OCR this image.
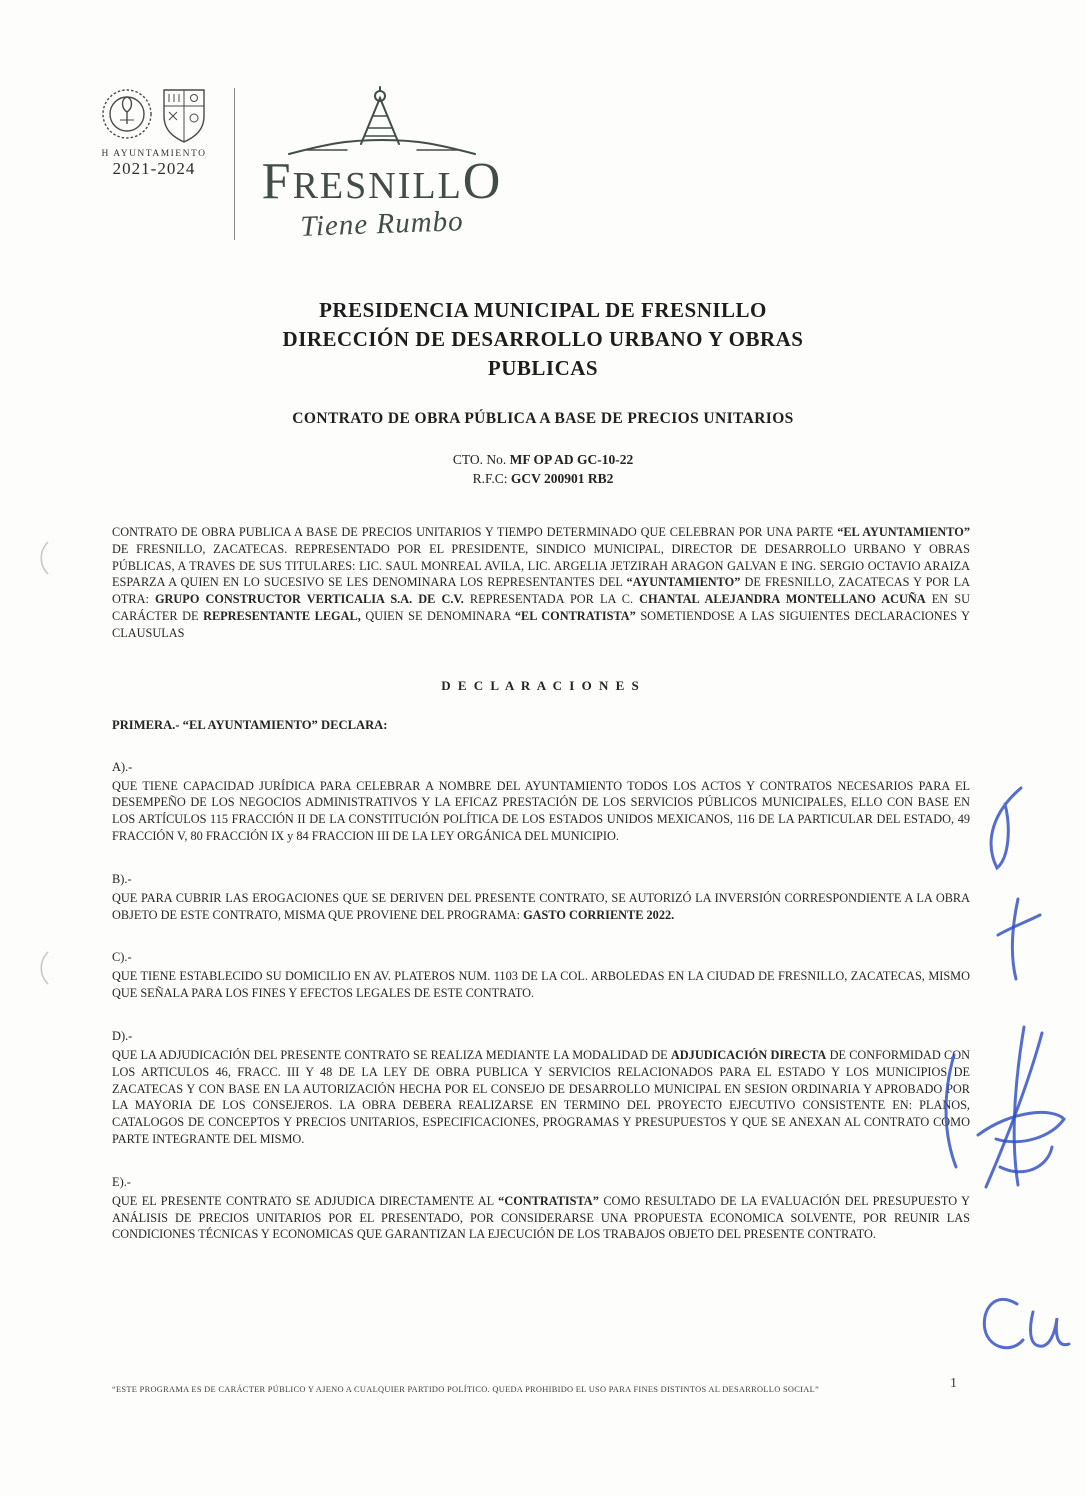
H AYUNTAMIENTO
2021-2024	FRESNILLO
Tiene Rumbo
PRESIDENCIA MUNICIPAL DE FRESNILLO
DIRECCIÓN DE DESARROLLO URBANO Y OBRAS
PUBLICAS
CONTRATO DE OBRA PÚBLICA A BASE DE PRECIOS UNITARIOS
CTO. No. MF OP AD GC-10-22
R.F.C: GCV 200901 RB2

CONTRATO DE OBRA PUBLICA A BASE DE PRECIOS UNITARIOS Y TIEMPO DETERMINADO QUE CELEBRAN POR UNA PARTE “EL AYUNTAMIENTO” DE FRESNILLO, ZACATECAS. REPRESENTADO POR EL PRESIDENTE, SINDICO MUNICIPAL, DIRECTOR DE DESARROLLO URBANO Y OBRAS PÚBLICAS, A TRAVES DE SUS TITULARES: LIC. SAUL MONREAL AVILA, LIC. ARGELIA JETZIRAH ARAGON GALVAN E ING. SERGIO OCTAVIO ARAIZA ESPARZA A QUIEN EN LO SUCESIVO SE LES DENOMINARA LOS REPRESENTANTES DEL “AYUNTAMIENTO” DE FRESNILLO, ZACATECAS Y POR LA OTRA: GRUPO CONSTRUCTOR VERTICALIA S.A. DE C.V. REPRESENTADA POR LA C. CHANTAL ALEJANDRA MONTELLANO ACUÑA EN SU CARÁCTER DE REPRESENTANTE LEGAL, QUIEN SE DENOMINARA “EL CONTRATISTA” SOMETIENDOSE A LAS SIGUIENTES DECLARACIONES Y CLAUSULAS

D E C L A R A C I O N E S
PRIMERA.- “EL AYUNTAMIENTO” DECLARA:
A).-

QUE TIENE CAPACIDAD JURÍDICA PARA CELEBRAR A NOMBRE DEL AYUNTAMIENTO TODOS LOS ACTOS Y CONTRATOS NECESARIOS PARA EL DESEMPEÑO DE LOS NEGOCIOS ADMINISTRATIVOS Y LA EFICAZ PRESTACIÓN DE LOS SERVICIOS PÚBLICOS MUNICIPALES, ELLO CON BASE EN LOS ARTÍCULOS 115 FRACCIÓN II DE LA CONSTITUCIÓN POLÍTICA DE LOS ESTADOS UNIDOS MEXICANOS, 116 DE LA PARTICULAR DEL ESTADO, 49 FRACCIÓN V, 80 FRACCIÓN IX y 84 FRACCION III DE LA LEY ORGÁNICA DEL MUNICIPIO.

B).-

QUE PARA CUBRIR LAS EROGACIONES QUE SE DERIVEN DEL PRESENTE CONTRATO, SE AUTORIZÓ LA INVERSIÓN CORRESPONDIENTE A LA OBRA OBJETO DE ESTE CONTRATO, MISMA QUE PROVIENE DEL PROGRAMA: GASTO CORRIENTE 2022.

C).-

QUE TIENE ESTABLECIDO SU DOMICILIO EN AV. PLATEROS NUM. 1103 DE LA COL. ARBOLEDAS EN LA CIUDAD DE FRESNILLO, ZACATECAS, MISMO QUE SEÑALA PARA LOS FINES Y EFECTOS LEGALES DE ESTE CONTRATO.

D).-

QUE LA ADJUDICACIÓN DEL PRESENTE CONTRATO SE REALIZA MEDIANTE LA MODALIDAD DE ADJUDICACIÓN DIRECTA DE CONFORMIDAD CON LOS ARTICULOS 46, FRACC. III Y 48 DE LA LEY DE OBRA PUBLICA Y SERVICIOS RELACIONADOS PARA EL ESTADO Y LOS MUNICIPIOS DE ZACATECAS Y CON BASE EN LA AUTORIZACIÓN HECHA POR EL CONSEJO DE DESARROLLO MUNICIPAL EN SESION ORDINARIA Y APROBADO POR LA MAYORIA DE LOS CONSEJEROS. LA OBRA DEBERA REALIZARSE EN TERMINO DEL PROYECTO EJECUTIVO CONSISTENTE EN: PLANOS, CATALOGOS DE CONCEPTOS Y PRECIOS UNITARIOS, ESPECIFICACIONES, PROGRAMAS Y PRESUPUESTOS Y QUE SE ANEXAN AL CONTRATO COMO PARTE INTEGRANTE DEL MISMO.

E).-

QUE EL PRESENTE CONTRATO SE ADJUDICA DIRECTAMENTE AL “CONTRATISTA” COMO RESULTADO DE LA EVALUACIÓN DEL PRESUPUESTO Y ANÁLISIS DE PRECIOS UNITARIOS POR EL PRESENTADO, POR CONSIDERARSE UNA PROPUESTA ECONOMICA SOLVENTE, POR REUNIR LAS CONDICIONES TÉCNICAS Y ECONOMICAS QUE GARANTIZAN LA EJECUCIÓN DE LOS TRABAJOS OBJETO DEL PRESENTE CONTRATO.

“ESTE PROGRAMA ES DE CARÁCTER PÚBLICO Y AJENO A CUALQUIER PARTIDO POLÍTICO. QUEDA PROHIBIDO EL USO PARA FINES DISTINTOS AL DESARROLLO SOCIAL”	1
